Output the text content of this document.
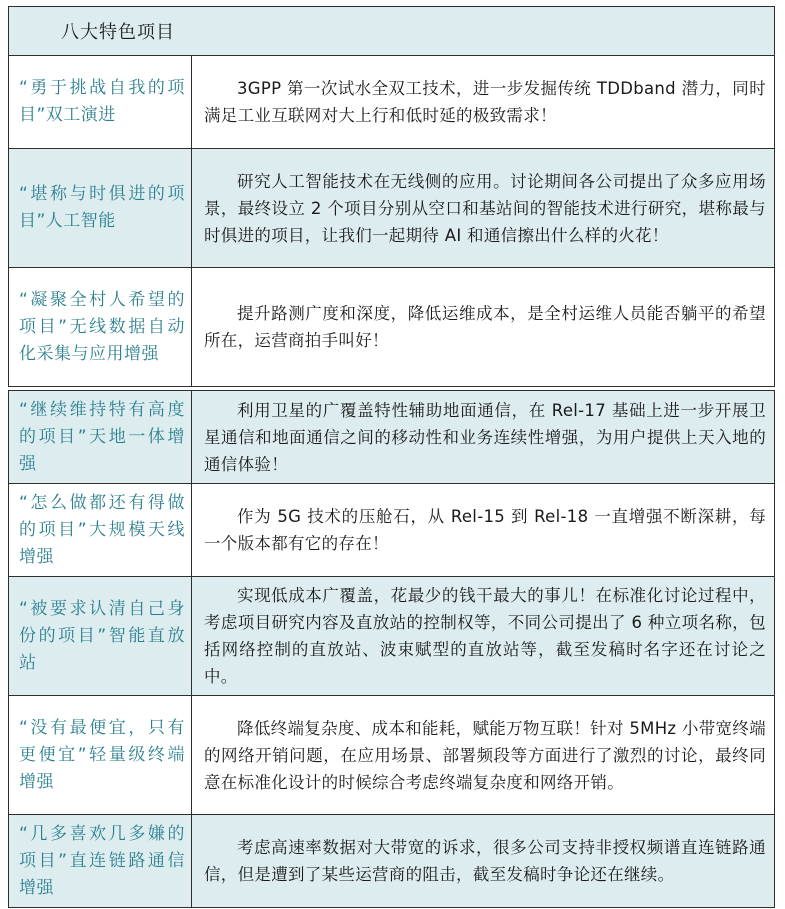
八大特色项目	
“勇于挑战自我的项目”双工演进	3GPP 第一次试水全双工技术，进一步发掘传统 TDDband 潜力，同时满足工业互联网对大上行和低时延的极致需求！
“堪称与时俱进的项目”人工智能	研究人工智能技术在无线侧的应用。讨论期间各公司提出了众多应用场景，最终设立 2 个项目分别从空口和基站间的智能技术进行研究，堪称最与时俱进的项目，让我们一起期待 AI 和通信擦出什么样的火花！
“凝聚全村人希望的项目”无线数据自动化采集与应用增强	提升路测广度和深度，降低运维成本，是全村运维人员能否躺平的希望所在，运营商拍手叫好！

“继续维持特有高度的项目”天地一体增强	利用卫星的广覆盖特性辅助地面通信，在 Rel-17 基础上进一步开展卫星通信和地面通信之间的移动性和业务连续性增强，为用户提供上天入地的通信体验！
“怎么做都还有得做的项目”大规模天线增强	作为 5G 技术的压舱石，从 Rel-15 到 Rel-18 一直增强不断深耕，每一个版本都有它的存在！
“被要求认清自己身份的项目”智能直放站	实现低成本广覆盖，花最少的钱干最大的事儿！在标准化讨论过程中，考虑项目研究内容及直放站的控制权等，不同公司提出了 6 种立项名称，包括网络控制的直放站、波束赋型的直放站等，截至发稿时名字还在讨论之中。
“没有最便宜，只有更便宜”轻量级终端增强	降低终端复杂度、成本和能耗，赋能万物互联！针对 5MHz 小带宽终端的网络开销问题，在应用场景、部署频段等方面进行了激烈的讨论，最终同意在标准化设计的时候综合考虑终端复杂度和网络开销。
“几多喜欢几多嫌的项目”直连链路通信增强	考虑高速率数据对大带宽的诉求，很多公司支持非授权频谱直连链路通信，但是遭到了某些运营商的阻击，截至发稿时争论还在继续。
